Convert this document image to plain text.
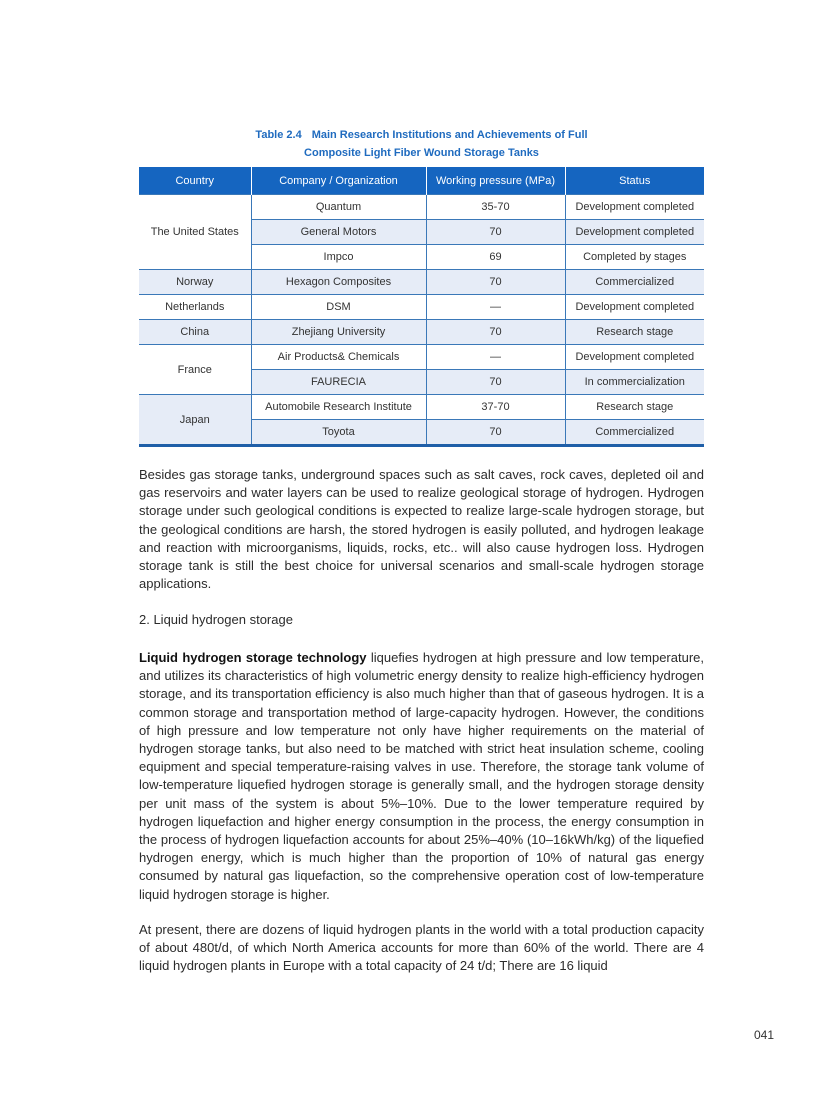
Table 2.4 Main Research Institutions and Achievements of Full
Composite Light Fiber Wound Storage Tanks
Country	Company / Organization	Working pressure (MPa)	Status
The United States	Quantum	35-70	Development completed
	General Motors	70	Development completed
	Impco	69	Completed by stages
Norway	Hexagon Composites	70	Commercialized
Netherlands	DSM	—	Development completed
China	Zhejiang University	70	Research stage
France	Air Products& Chemicals	—	Development completed
	FAURECIA	70	In commercialization
Japan	Automobile Research Institute	37-70	Research stage
	Toyota	70	Commercialized

Besides gas storage tanks, underground spaces such as salt caves, rock caves, depleted oil and gas reservoirs and water layers can be used to realize geological storage of hydrogen. Hydrogen storage under such geological conditions is expected to realize large-scale hydrogen storage, but the geological conditions are harsh, the stored hydrogen is easily polluted, and hydrogen leakage and reaction with microorganisms, liquids, rocks, etc.. will also cause hydrogen loss. Hydrogen storage tank is still the best choice for universal scenarios and small-scale hydrogen storage applications.

2. Liquid hydrogen storage

Liquid hydrogen storage technology liquefies hydrogen at high pressure and low temperature, and utilizes its characteristics of high volumetric energy density to realize high-efficiency hydrogen storage, and its transportation efficiency is also much higher than that of gaseous hydrogen. It is a common storage and transportation method of large-capacity hydrogen. However, the conditions of high pressure and low temperature not only have higher requirements on the material of hydrogen storage tanks, but also need to be matched with strict heat insulation scheme, cooling equipment and special temperature-raising valves in use. Therefore, the storage tank volume of low-temperature liquefied hydrogen storage is generally small, and the hydrogen storage density per unit mass of the system is about 5%–10%. Due to the lower temperature required by hydrogen liquefaction and higher energy consumption in the process, the energy consumption in the process of hydrogen liquefaction accounts for about 25%–40% (10–16kWh/kg) of the liquefied hydrogen energy, which is much higher than the proportion of 10% of natural gas energy consumed by natural gas liquefaction, so the comprehensive operation cost of low-temperature liquid hydrogen storage is higher.

At present, there are dozens of liquid hydrogen plants in the world with a total production capacity of about 480t/d, of which North America accounts for more than 60% of the world. There are 4 liquid hydrogen plants in Europe with a total capacity of 24 t/d; There are 16 liquid

041
